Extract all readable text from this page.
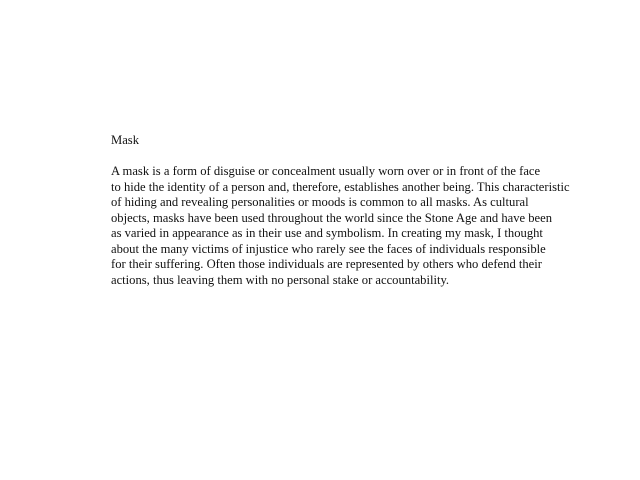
Mask
A mask is a form of disguise or concealment usually worn over or in front of the face
to hide the identity of a person and, therefore, establishes another being. This characteristic
of hiding and revealing personalities or moods is common to all masks. As cultural
objects, masks have been used throughout the world since the Stone Age and have been
as varied in appearance as in their use and symbolism. In creating my mask, I thought
about the many victims of injustice who rarely see the faces of individuals responsible
for their suffering. Often those individuals are represented by others who defend their
actions, thus leaving them with no personal stake or accountability.
